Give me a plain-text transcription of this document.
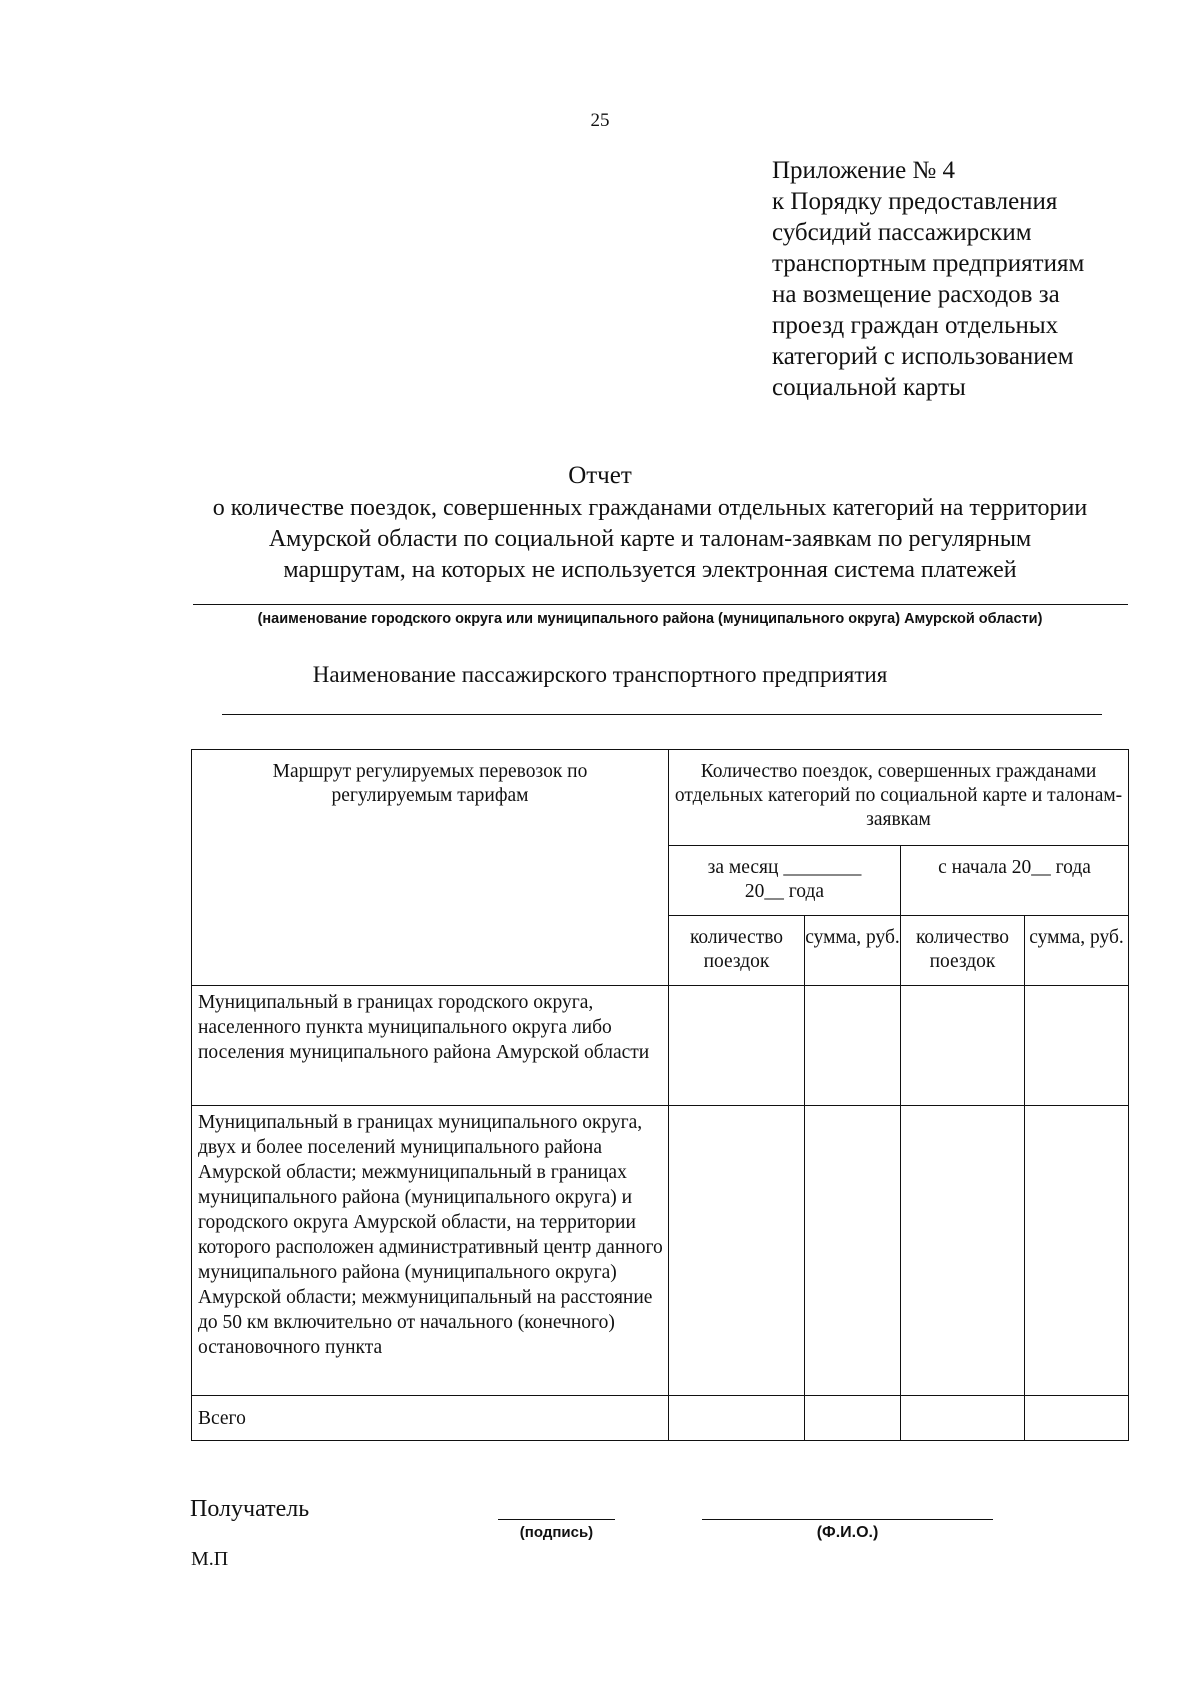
25
Приложение № 4
к Порядку предоставления
субсидий пассажирским
транспортным предприятиям
на возмещение расходов за
проезд граждан отдельных
категорий с использованием
социальной карты
Отчет
о количестве поездок, совершенных гражданами отдельных категорий на территории
Амурской области по социальной карте и талонам-заявкам по регулярным
маршрутам, на которых не используется электронная система платежей
(наименование городского округа или муниципального района (муниципального округа) Амурской области)
Наименование пассажирского транспортного предприятия
Маршрут регулируемых перевозок по регулируемым тарифам	Количество поездок, совершенных гражданами отдельных категорий по социальной карте и талонам-заявкам			

	за месяц ________
20__ года		с начала 20__ года	
	количество поездок	сумма, руб.	количество поездок	сумма, руб.
Муниципальный в границах городского округа, населенного пункта муниципального округа либо поселения муниципального района Амурской области				
Муниципальный в границах муниципального округа, двух и более поселений муниципального района Амурской области; межмуниципальный в границах муниципального района (муниципального округа) и городского округа Амурской области, на территории которого расположен административный центр данного муниципального района (муниципального округа) Амурской области; межмуниципальный на расстояние до 50 км включительно от начального (конечного) остановочного пункта				
Всего				
Получатель
(подпись)	(Ф.И.О.)
М.П
